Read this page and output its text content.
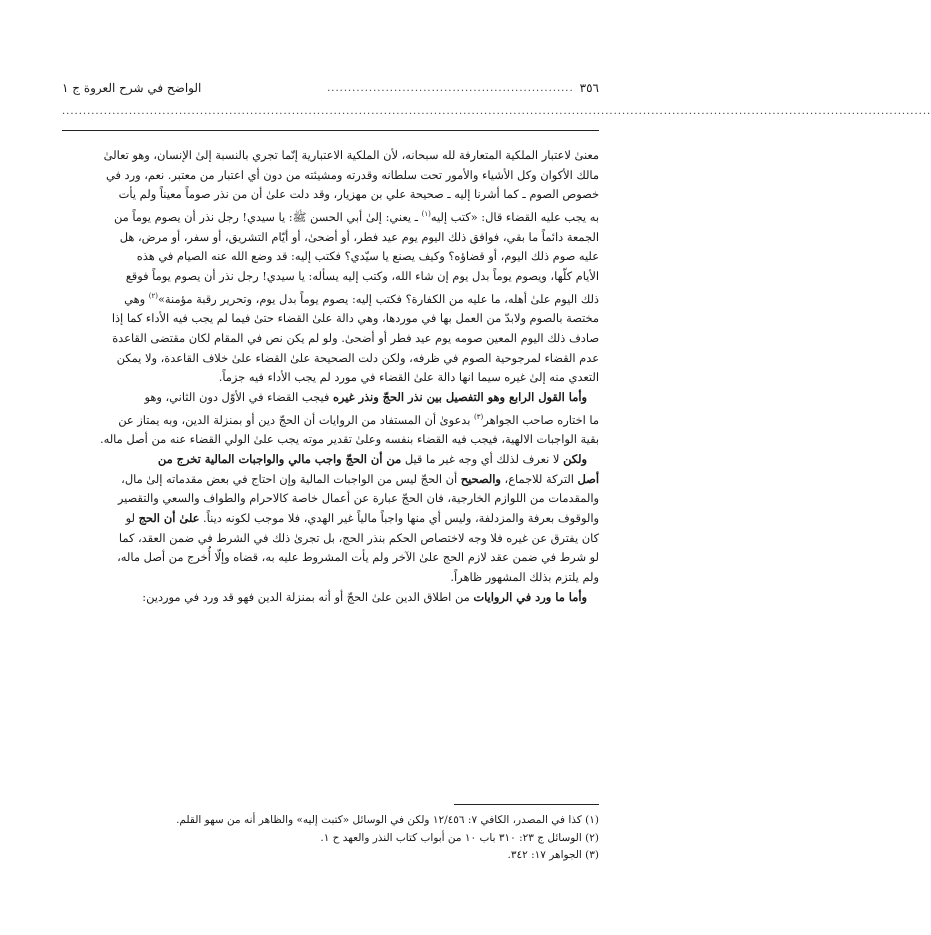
٣٥٦
...........................................................
الواضح في شرح العروة ج ١
................................................................................................................................................................................................................

معنىٰ لاعتبار الملكية المتعارفة لله سبحانه، لأن الملكية الاعتبارية إنّما تجري بالنسبة إلىٰ الإنسان، وهو تعالىٰ

مالك الأكوان وكل الأشياء والأمور تحت سلطانه وقدرته ومشيئته من دون أي اعتبار من معتبر. نعم، ورد في

خصوص الصوم ـ كما أشرنا إليه ـ صحيحة علي بن مهزيار، وقد دلت علىٰ أن من نذر صوماً معيناً ولم يأت

به يجب عليه القضاء قال: «كتب إليه$^{(١)}$ ـ يعني: إلىٰ أبي الحسن ﷺ: يا سيدي! رجل نذر أن يصوم يوماً من

الجمعة دائماً ما بقي، فوافق ذلك اليوم يوم عيد فطر، أو أضحىٰ، أو أيّام التشريق، أو سفر، أو مرض، هل

عليه صوم ذلك اليوم، أو قضاؤه؟ وكيف يصنع يا سيّدي؟ فكتب إليه: قد وضع الله عنه الصيام في هذه

الأيام كلّها، ويصوم يوماً بدل يوم إن شاء الله، وكتب إليه يسأله: يا سيدي! رجل نذر أن يصوم يوماً فوقع

ذلك اليوم علىٰ أهله، ما عليه من الكفارة؟ فكتب إليه: يصوم يوماً بدل يوم، وتحرير رقبة مؤمنة»$^{(٢)}$ وهي

مختصة بالصوم ولابدّ من العمل بها في موردها، وهي دالة علىٰ القضاء حتىٰ فيما لم يجب فيه الأداء كما إذا

صادف ذلك اليوم المعين صومه يوم عيد فطر أو أضحىٰ. ولو لم يكن نص في المقام لكان مقتضى القاعدة

عدم القضاء لمرجوحية الصوم في ظرفه، ولكن دلت الصحيحة علىٰ القضاء علىٰ خلاف القاعدة، ولا يمكن

التعدي منه إلىٰ غيره سيما انها دالة علىٰ القضاء في مورد لم يجب الأداء فيه جزماً.

وأما القول الرابع وهو التفصيل بين نذر الحجّ ونذر غيره فيجب القضاء في الأوّل دون الثاني، وهو

ما اختاره صاحب الجواهر$^{(٣)}$ بدعوىٰ أن المستفاد من الروايات أن الحجّ دين أو بمنزلة الدين، وبه يمتاز عن

بقية الواجبات الالهية، فيجب فيه القضاء بنفسه وعلىٰ تقدير موته يجب علىٰ الولي القضاء عنه من أصل ماله.

ولكن لا نعرف لذلك أي وجه غير ما قيل من أن الحجّ واجب مالي والواجبات المالية تخرج من

أصل التركة للاجماع، والصحيح أن الحجّ ليس من الواجبات المالية وإن احتاج في بعض مقدماته إلىٰ مال،

والمقدمات من اللوازم الخارجية، فان الحجّ عبارة عن أعمال خاصة كالاحرام والطواف والسعي والتقصير

والوقوف بعرفة والمزدلفة، وليس أي منها واجباً مالياً غير الهدي، فلا موجب لكونه ديناً. علىٰ أن الحج لو

كان يفترق عن غيره فلا وجه لاختصاص الحكم بنذر الحج، بل تجرىٰ ذلك في الشرط في ضمن العقد، كما

لو شرط في ضمن عقد لازم الحج علىٰ الآخر ولم يأت المشروط عليه به، قضاه وإلّا أُخرج من أصل ماله،

ولم يلتزم بذلك المشهور ظاهراً.

وأما ما ورد في الروايات من اطلاق الدين علىٰ الحجّ أو أنه بمنزلة الدين فهو قد ورد في موردين:

(١) كذا في المصدر، الكافي ٧: ١٢/٤٥٦ ولكن في الوسائل «كتبت إليه» والظاهر أنه من سهو القلم.
(٢) الوسائل ج ٢٣: ٣١٠ باب ١٠ من أبواب كتاب النذر والعهد ح ١.
(٣) الجواهر ١٧: ٣٤٢.
